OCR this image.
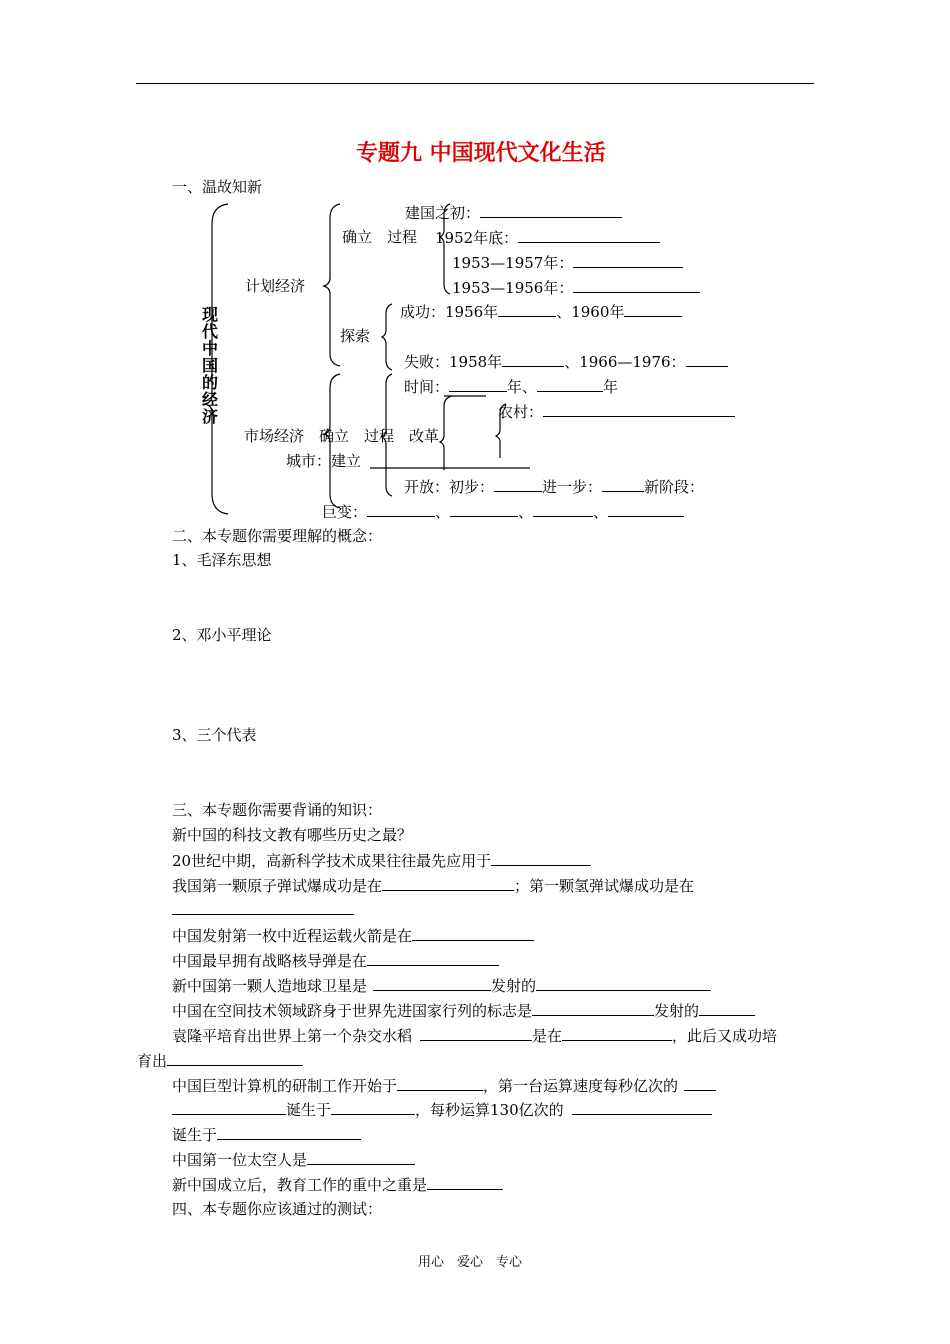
专题九 中国现代文化生活
一、温故知新
现代中国的经济
计划经济
确立　过程
建国之初：
1952年底：
1953—1957年：
1953—1956年：
探索
成功：1956年	、1960年
失败：1958年	、1966—1976：
时间：	年、	年
农村：
市场经济　确立　过程　改革
城市：建立
开放：初步：	进一步：	新阶段：
巨变：	、	、	、
二、本专题你需要理解的概念：
1、毛泽东思想
2、邓小平理论
3、三个代表
三、本专题你需要背诵的知识：
新中国的科技文教有哪些历史之最？
20世纪中期，高新科学技术成果往往最先应用于
我国第一颗原子弹试爆成功是在	；第一颗氢弹试爆成功是在
中国发射第一枚中近程运载火箭是在
中国最早拥有战略核导弹是在
新中国第一颗人造地球卫星是	发射的
中国在空间技术领域跻身于世界先进国家行列的标志是	发射的
袁隆平培育出世界上第一个杂交水稻	是在	，此后又成功培
育出
中国巨型计算机的研制工作开始于	，第一台运算速度每秒亿次的
诞生于	，每秒运算130亿次的
诞生于
中国第一位太空人是
新中国成立后，教育工作的重中之重是
四、本专题你应该通过的测试：
用心　爱心　专心
